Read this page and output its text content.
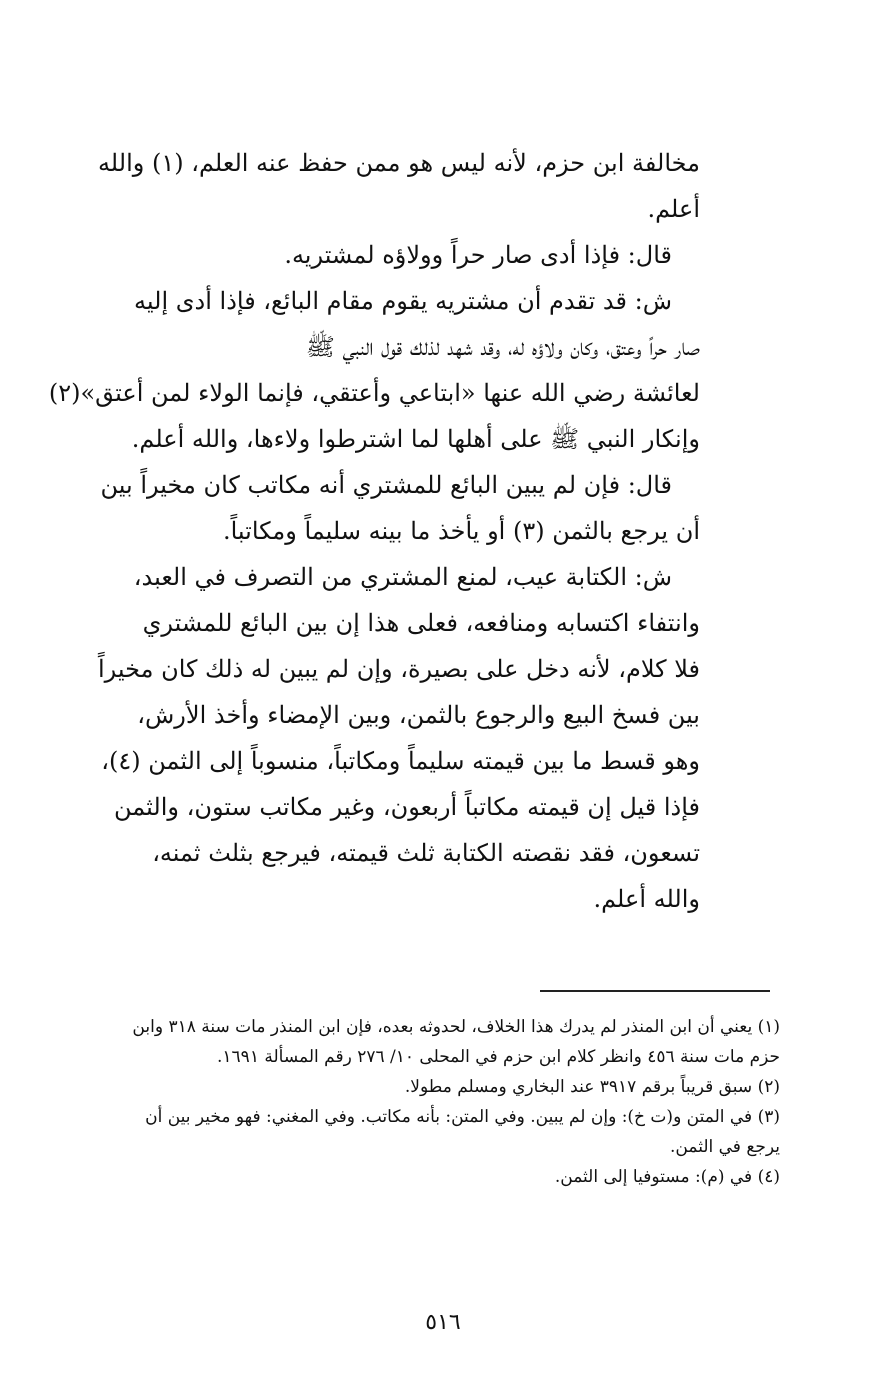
مخالفة ابن حزم، لأنه ليس هو ممن حفظ عنه العلم، (١) والله
أعلم.
قال: فإذا أدى صار حراً وولاؤه لمشتريه.
ش: قد تقدم أن مشتريه يقوم مقام البائع، فإذا أدى إليه
صار حراً وعتق، وكان ولاؤه له، وقد شهد لذلك قول النبي ﷺ
لعائشة رضي الله عنها «ابتاعي وأعتقي، فإنما الولاء لمن أعتق»(٢)
وإنكار النبي ﷺ على أهلها لما اشترطوا ولاءها، والله أعلم.
قال: فإن لم يبين البائع للمشتري أنه مكاتب كان مخيراً بين
أن يرجع بالثمن (٣) أو يأخذ ما بينه سليماً ومكاتباً.
ش: الكتابة عيب، لمنع المشتري من التصرف في العبد،
وانتفاء اكتسابه ومنافعه، فعلى هذا إن بين البائع للمشتري
فلا كلام، لأنه دخل على بصيرة، وإن لم يبين له ذلك كان مخيراً
بين فسخ البيع والرجوع بالثمن، وبين الإمضاء وأخذ الأرش،
وهو قسط ما بين قيمته سليماً ومكاتباً، منسوباً إلى الثمن (٤)،
فإذا قيل إن قيمته مكاتباً أربعون، وغير مكاتب ستون، والثمن
تسعون، فقد نقصته الكتابة ثلث قيمته، فيرجع بثلث ثمنه،
والله أعلم.
(١) يعني أن ابن المنذر لم يدرك هذا الخلاف، لحدوثه بعده، فإن ابن المنذر مات سنة ٣١٨ وابن
حزم مات سنة ٤٥٦ وانظر كلام ابن حزم في المحلى ١٠/ ٢٧٦ رقم المسألة ١٦٩١.
(٢) سبق قريباً برقم ٣٩١٧ عند البخاري ومسلم مطولا.
(٣) في المتن و(ت خ): وإن لم يبين. وفي المتن: بأنه مكاتب. وفي المغني: فهو مخير بين أن
يرجع في الثمن.
(٤) في (م): مستوفيا إلى الثمن.
٥١٦
